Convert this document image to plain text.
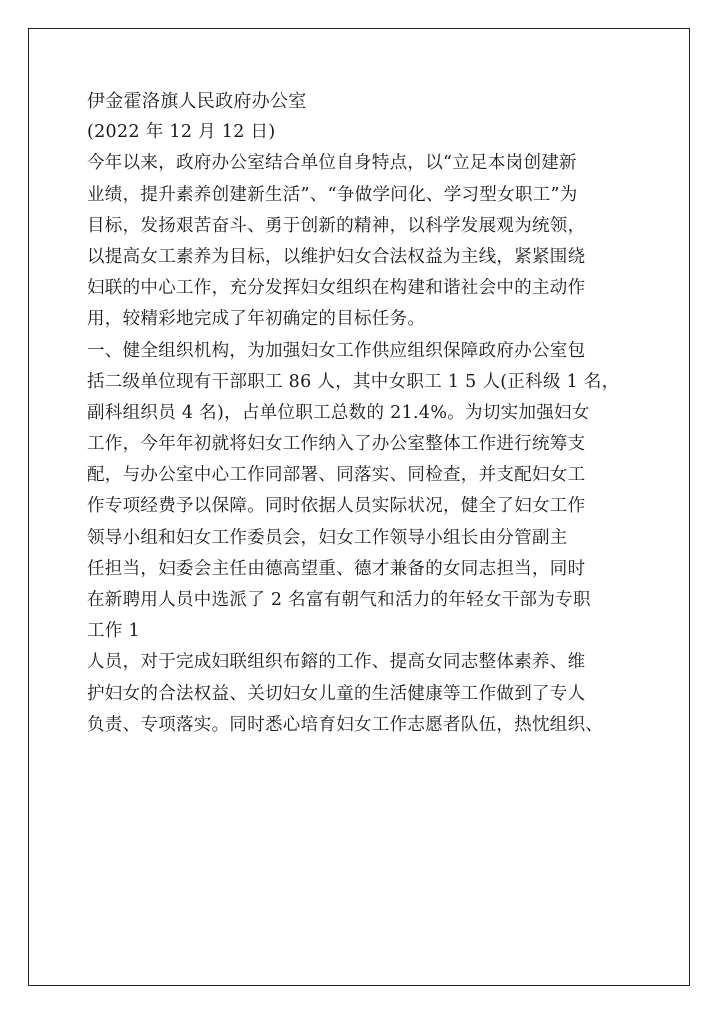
伊金霍洛旗人民政府办公室
(2022 年 12 月 12 日)
今年以来，政府办公室结合单位自身特点，以“立足本岗创建新
业绩，提升素养创建新生活”、“争做学问化、学习型女职工”为
目标，发扬艰苦奋斗、勇于创新的精神，以科学发展观为统领，
以提高女工素养为目标，以维护妇女合法权益为主线，紧紧围绕
妇联的中心工作，充分发挥妇女组织在构建和谐社会中的主动作
用，较精彩地完成了年初确定的目标任务。
一、健全组织机构，为加强妇女工作供应组织保障政府办公室包
括二级单位现有干部职工 86 人，其中女职工 1 5 人(正科级 1 名，
副科组织员 4 名)，占单位职工总数的 21.4%。为切实加强妇女
工作，今年年初就将妇女工作纳入了办公室整体工作进行统筹支
配，与办公室中心工作同部署、同落实、同检查，并支配妇女工
作专项经费予以保障。同时依据人员实际状况，健全了妇女工作
领导小组和妇女工作委员会，妇女工作领导小组长由分管副主
任担当，妇委会主任由德高望重、德才兼备的女同志担当，同时
在新聘用人员中选派了 2 名富有朝气和活力的年轻女干部为专职
工作 1
人员，对于完成妇联组织布鎔的工作、提高女同志整体素养、维
护妇女的合法权益、关切妇女儿童的生活健康等工作做到了专人
负责、专项落实。同时悉心培育妇女工作志愿者队伍，热忱组织、
